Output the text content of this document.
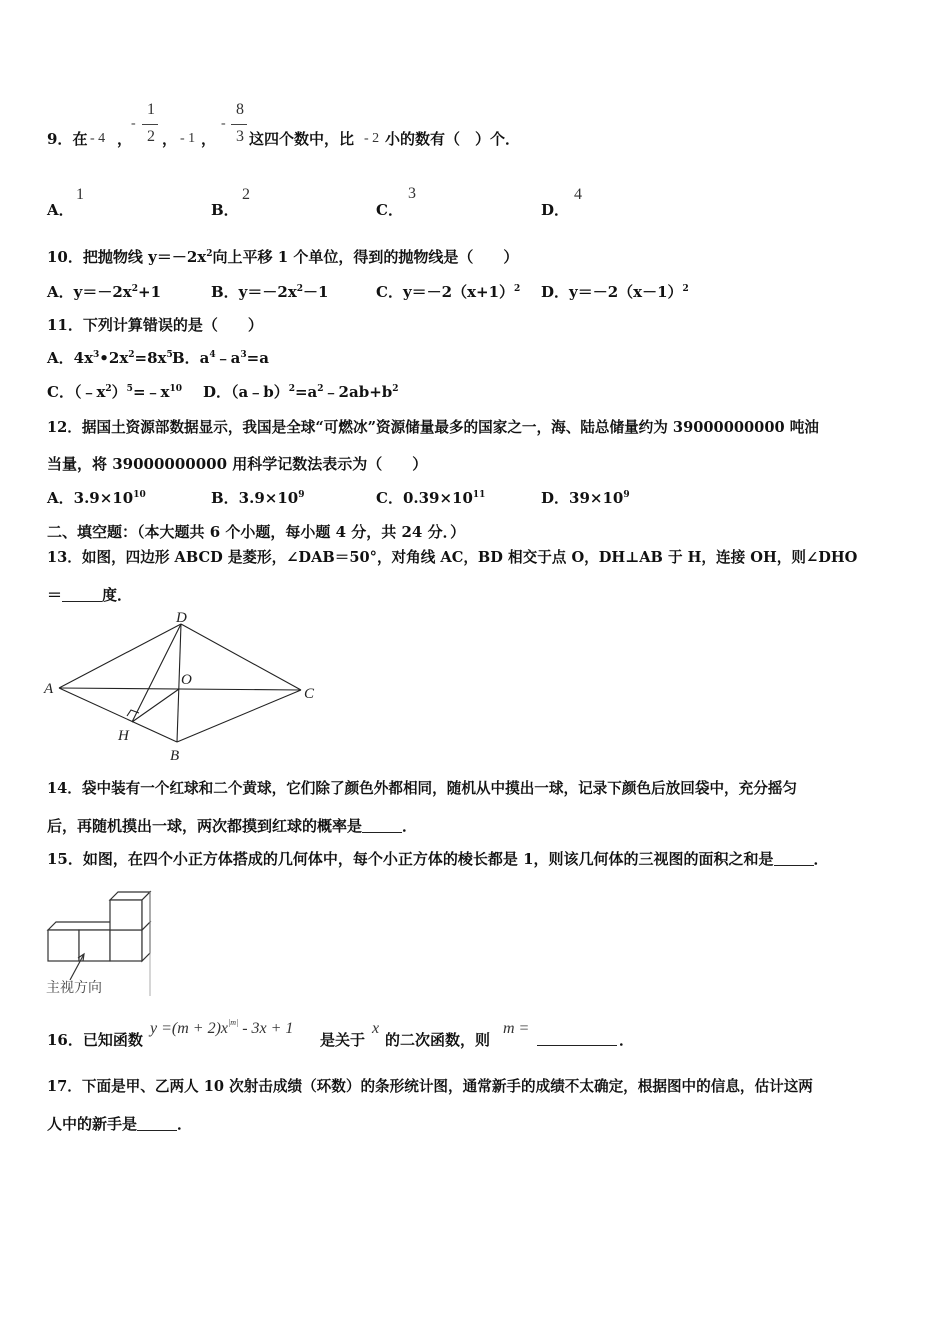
9．在 - 4 ，
-
1
2 ， - 1 ，
-
8
3 这四个数中，比 - 2 小的数有（　）个．
A．
1
B．
2
C．
3
D．
4
10．把抛物线 $y=-2x^2$向上平移 1 个单位，得到的抛物线是（　　）
A．$y=-2x^2+1$	B．$y=-2x^2-1$	C．$y=-2(x+1)^2$ D．$y=-2(x-1)^2$
11．下列计算错误的是（　　）
A．$4x^3•2x^2=8x^5$ B．$a^4﹣a^3=a$
C．$(﹣x^2)^5=﹣x^{10}$ D．$(a﹣b)^2=a^2﹣2ab+b^2$
12．据国土资源部数据显示，我国是全球“可燃冰”资源储量最多的国家之一，海、陆总储量约为 39000000000 吨油
当量，将 39000000000 用科学记数法表示为（　　）
A．$3.9\times 10^{10}$	B．$3.9\times 10^9$	C．$0.39\times 10^{11}$	D．$39\times 10^9$
二、填空题：（本大题共 6 个小题，每小题 4 分，共 24 分．）
13．如图，四边形 ABCD 是菱形，∠DAB＝50°，对角线 AC，BD 相交于点 O，DH⊥AB 于 H，连接 OH，则∠DHO
＝	度．
A
D
C
B
O
H
14．袋中装有一个红球和二个黄球，它们除了颜色外都相同，随机从中摸出一球，记录下颜色后放回袋中，充分摇匀
后，再随机摸出一球，两次都摸到红球的概率是	．
15．如图，在四个小正方体搭成的几何体中，每个小正方体的棱长都是 1，则该几何体的三视图的面积之和是	．
主视方向
16．已知函数
$y =(m + 2)x^{|m|} - 3x + 1$
是关于
x
的二次函数，则
m =
．
17．下面是甲、乙两人 10 次射击成绩（环数）的条形统计图，通常新手的成绩不太确定，根据图中的信息，估计这两
人中的新手是	．
